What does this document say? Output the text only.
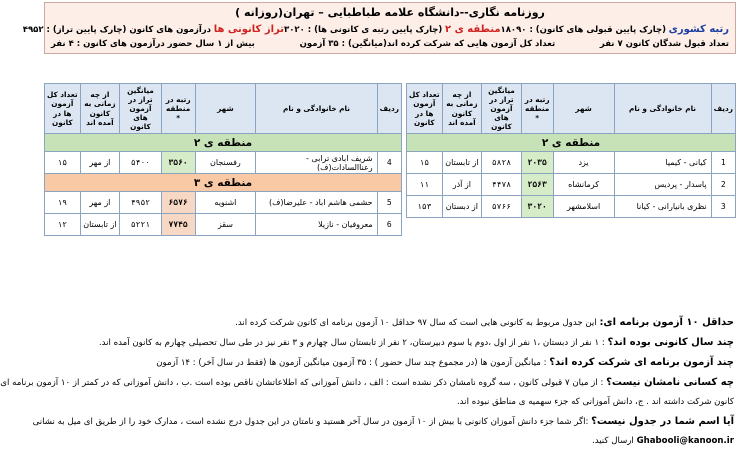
روزنامه نگاری--دانشگاه علامه طباطبایی – تهران(روزانه )
رتبه کشوری (چارک پایین قبولی های کانون) : ۱۸۰۹۰
منطقه ی ۲ (چارک پایین رتبه ی کانونی ها) : ۳۰۲۰
تراز کانونی ها درآزمون های کانون (چارک پایین تراز) : ۴۹۵۲
تعداد قبول شدگان کانون ۷ نفر
تعداد کل آزمون هایی که شرکت کرده اند(میانگین) : ۳۵ آزمون
بیش از ۱ سال حضور درآزمون های کانون : ۴ نفر
ردیف	نام خانوادگی و نام	شهر	رتبه در منطقه *	میانگین تراز در آزمون های کانون	از چه زمانی به کانون آمده اند	تعداد کل آزمون ها در کانون
منطقه ی ۲						
1	کیانی - کیمیا	یزد	۲۰۳۵	۵۸۲۸	از تابستان	۱۵
2	پاسدار - پردیس	کرمانشاه	۲۵۶۳	۴۴۷۸	از آذر	۱۱
3	نظری بانیارانی - کیانا	اسلامشهر	۳۰۲۰	۵۷۶۶	از دبستان	۱۵۳
ردیف	نام خانوادگی و نام	شهر	رتبه در منطقه *	میانگین تراز در آزمون های کانون	از چه زمانی به کانون آمده اند	تعداد کل آزمون ها در کانون
منطقه ی ۲						
4	شریف ابادی ترابی - رعناالسادات(ف)	رفسنجان	۳۵۶۰	۵۴۰۰	از مهر	۱۵
منطقه ی ۳						
5	حشمی هاشم اباد - علیرضا(ف)	اشنویه	۶۵۷۶	۴۹۵۲	از مهر	۱۹
6	معروفیان - نازیلا	سقز	۷۷۴۵	۵۲۲۱	از تابستان	۱۲

حداقل ۱۰ آزمون برنامه ای: این جدول مربوط به کانونی هایی است که سال ۹۷ حداقل ۱۰ آزمون برنامه ای کانون شرکت کرده اند.

چند سال کانونی بوده اند؟ : ۱ نفر از دبستان ،۱ نفر از اول ،دوم یا سوم دبیرستان، ۲ نفر از تابستان سال چهارم و ۳ نفر نیز در طی سال تحصیلی چهارم به کانون آمده اند.

چند آزمون برنامه ای شرکت کرده اند؟ : میانگین آزمون ها (در مجموع چند سال حضور ) : ۳۵ آزمون میانگین آزمون ها (فقط در سال آخر) : ۱۴ آزمون

چه کسانی نامشان نیست؟ : از میان ۷ قبولی کانون ، سه گروه نامشان ذکر نشده است : الف ، دانش آموزانی که اطلاعاتشان ناقص بوده است .ب ، دانش آموزانی که در کمتر از ۱۰ آزمون برنامه ای

کانون شرکت داشته اند . ج، دانش آموزانی که جزء سهمیه ی مناطق نبوده اند.

آیا اسم شما در جدول نیست؟ :اگر شما جزء دانش آموزان کانونی با بیش از ۱۰ آزمون در سال آخر هستید و نامتان در این جدول درج نشده است ، مدارک خود را از طریق ای میل به نشانی

Ghabooli@kanoon.ir ارسال کنید.
